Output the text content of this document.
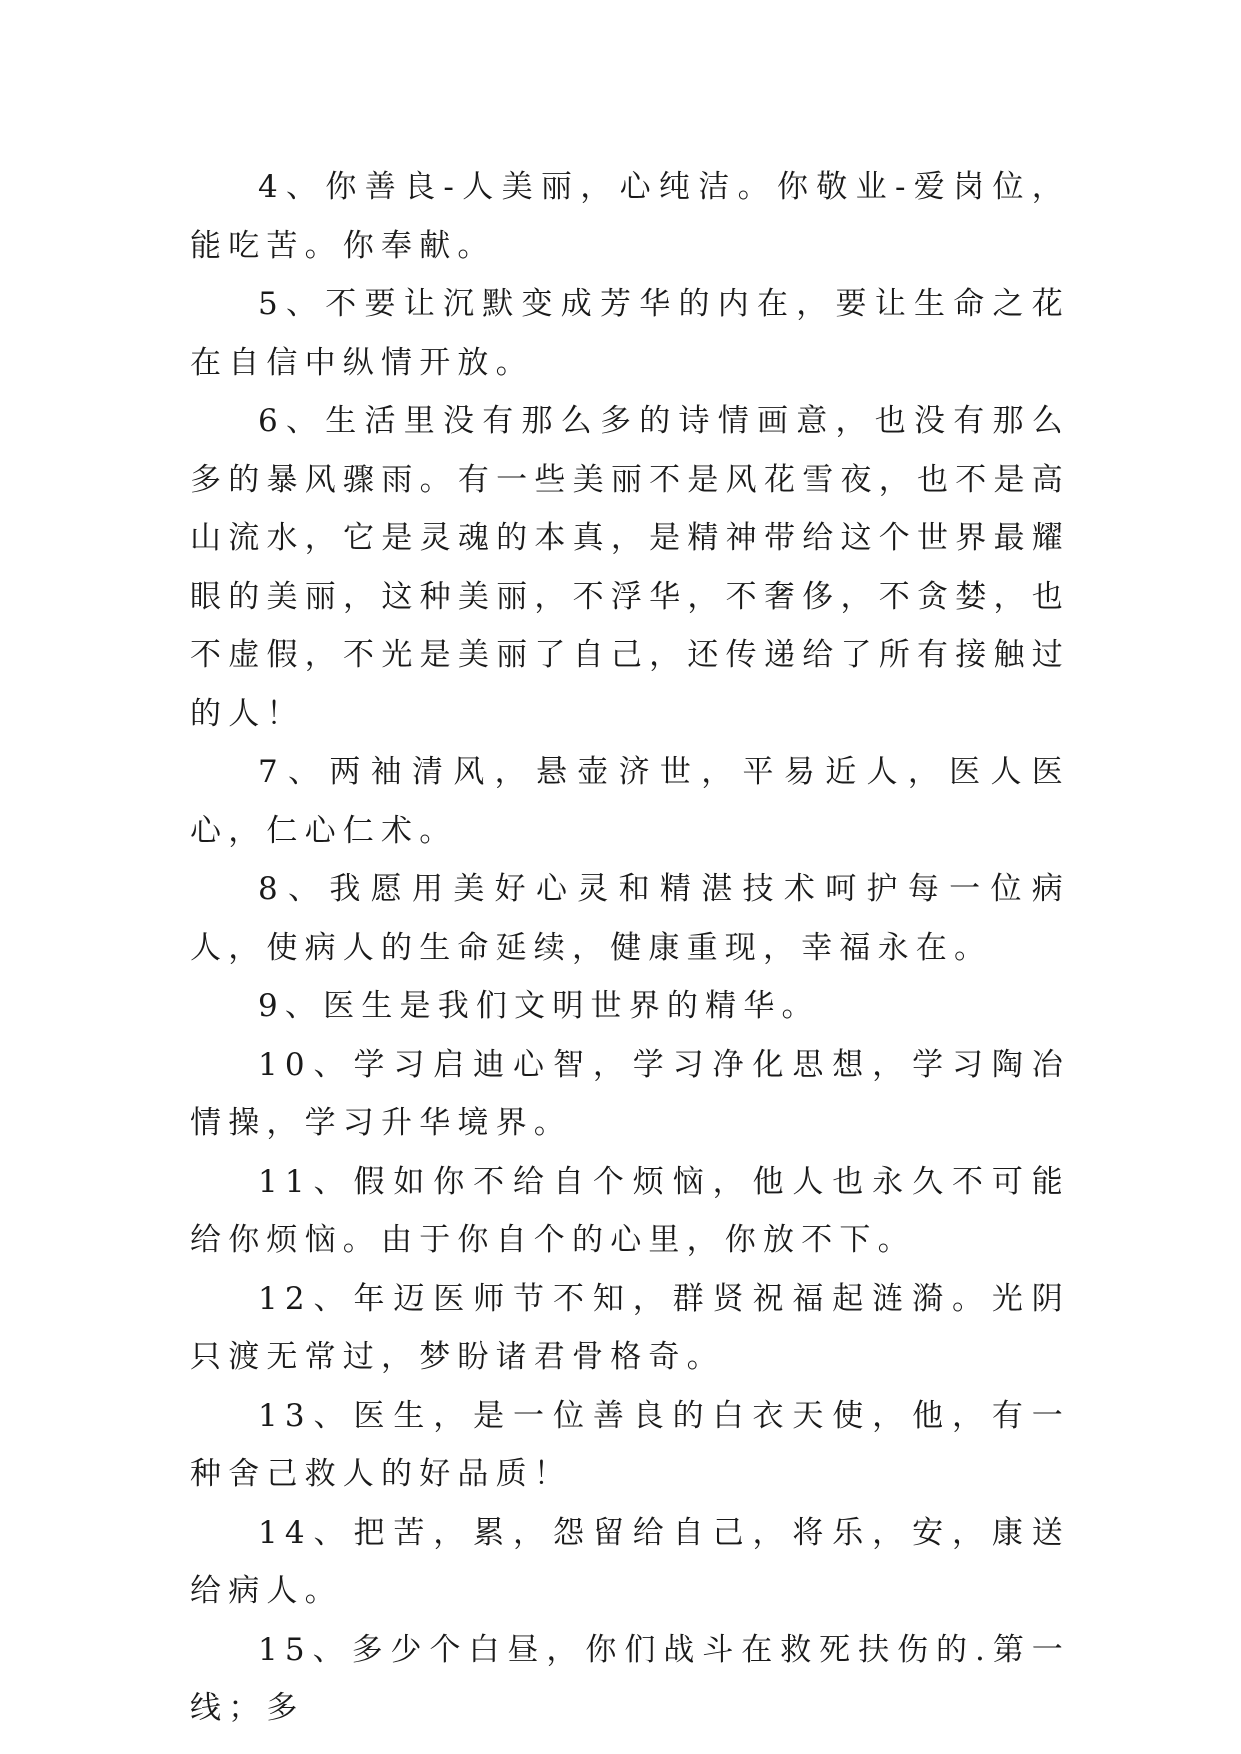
4、你善良-人美丽，心纯洁。你敬业-爱岗位，能吃苦。你奉献。

5、不要让沉默变成芳华的内在，要让生命之花在自信中纵情开放。

6、生活里没有那么多的诗情画意，也没有那么多的暴风骤雨。有一些美丽不是风花雪夜，也不是高山流水，它是灵魂的本真，是精神带给这个世界最耀眼的美丽，这种美丽，不浮华，不奢侈，不贪婪，也不虚假，不光是美丽了自己，还传递给了所有接触过的人！

7、两袖清风，悬壶济世，平易近人，医人医心，仁心仁术。

8、我愿用美好心灵和精湛技术呵护每一位病人，使病人的生命延续，健康重现，幸福永在。

9、医生是我们文明世界的精华。

10、学习启迪心智，学习净化思想，学习陶冶情操，学习升华境界。

11、假如你不给自个烦恼，他人也永久不可能给你烦恼。由于你自个的心里，你放不下。

12、年迈医师节不知，群贤祝福起涟漪。光阴只渡无常过，梦盼诸君骨格奇。

13、医生，是一位善良的白衣天使，他，有一种舍己救人的好品质！

14、把苦，累，怨留给自己，将乐，安，康送给病人。

15、多少个白昼，你们战斗在救死扶伤的.第一线；多
